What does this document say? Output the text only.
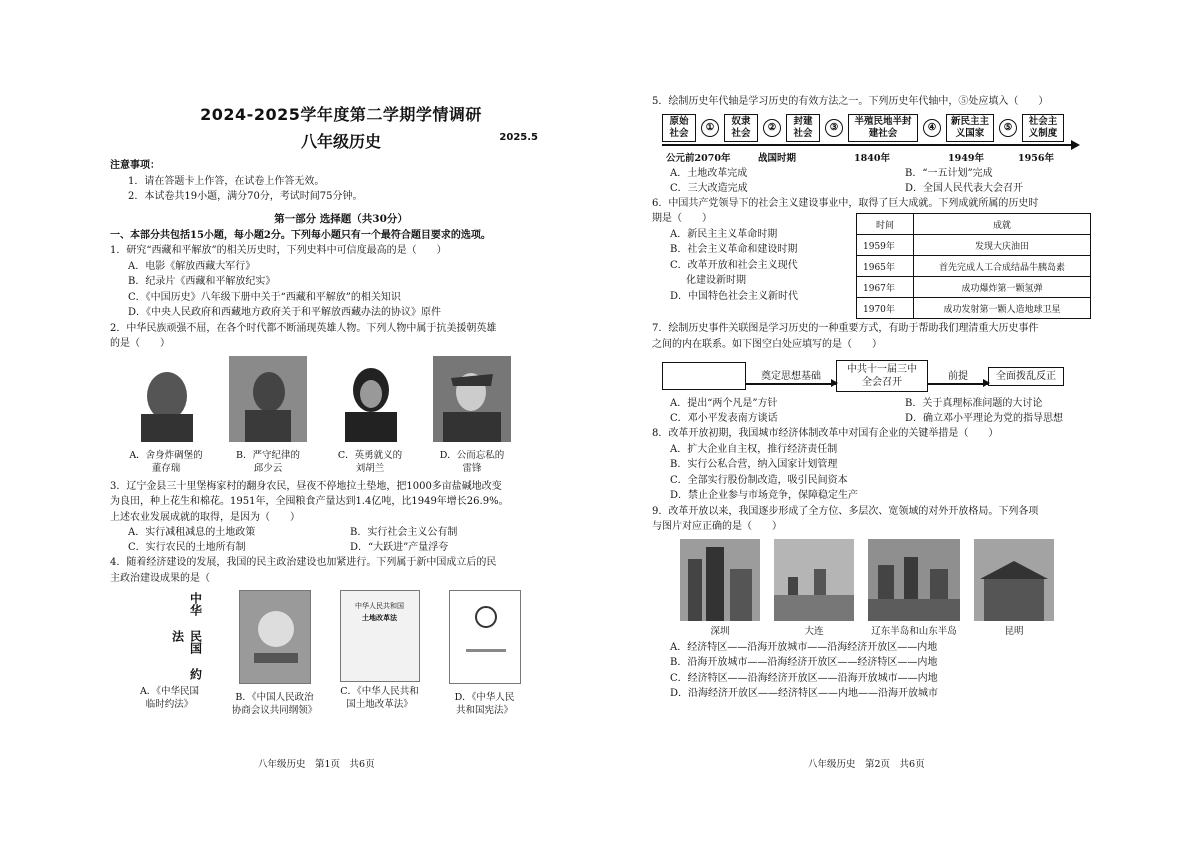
2024-2025学年度第二学期学情调研
八年级历史	2025.5

注意事项：

1．请在答题卡上作答，在试卷上作答无效。

2．本试卷共19小题，满分70分，考试时间75分钟。

第一部分 选择题（共30分）

一、本部分共包括15小题，每小题2分。下列每小题只有一个最符合题目要求的选项。

1．研究“西藏和平解放”的相关历史时，下列史料中可信度最高的是（　　）

A．电影《解放西藏大军行》

B．纪录片《西藏和平解放纪实》

C．《中国历史》八年级下册中关于“西藏和平解放”的相关知识

D．《中央人民政府和西藏地方政府关于和平解放西藏办法的协议》原件

2．中华民族顽强不屈，在各个时代都不断涌现英雄人物。下列人物中属于抗美援朝英雄

的是（　　）

A．舍身炸碉堡的
董存瑞
B．严守纪律的
邱少云
C．英勇就义的
刘胡兰
D．公而忘私的
雷锋

3．辽宁金县三十里堡梅家村的翻身农民，昼夜不停地拉土垫地，把1000多亩盐碱地改变

为良田，种上花生和棉花。1951年，全囤粮食产量达到1.4亿吨，比1949年增长26.9%。

上述农业发展成就的取得，是因为（　　）

A．实行减租减息的土地政策	B．实行社会主义公有制
C．实行农民的土地所有制	D．“大跃进”产量浮夸

4．随着经济建设的发展，我国的民主政治建设也加紧进行。下列属于新中国成立后的民

主政治建设成果的是（

中华 民国 約法
A．《中华民国
临时约法》
B．《中国人民政治
协商会议共同纲领》
中华人民共和国
土地改革法
C．《中华人民共和
国土地改革法》
D．《中华人民
共和国宪法》
八年级历史　第1页　共6页

5．绘制历史年代轴是学习历史的有效方法之一。下列历史年代轴中，⑤处应填入（　　）

原始社会	①
奴隶社会	②
封建社会	③
半殖民地半封建社会	④
新民主主义国家	⑤
社会主义制度
公元前2070年	战国时期	1840年	1949年	1956年
A．土地改革完成	B．“一五计划”完成
C．三大改造完成	D．全国人民代表大会召开

6．中国共产党领导下的社会主义建设事业中，取得了巨大成就。下列成就所属的历史时

期是（　　）

A．新民主主义革命时期

B．社会主义革命和建设时期

C．改革开放和社会主义现代

化建设新时期

D．中国特色社会主义新时代

时间	成就
1959年	发现大庆油田
1965年	首先完成人工合成结晶牛胰岛素
1967年	成功爆炸第一颗氢弹
1970年	成功发射第一颗人造地球卫星

7．绘制历史事件关联图是学习历史的一种重要方式，有助于帮助我们理清重大历史事件

之间的内在联系。如下图空白处应填写的是（　　）

奠定思想基础
中共十一届三中全会召开
前提	全面拨乱反正
A．提出“两个凡是”方针	B．关于真理标准问题的大讨论
C．邓小平发表南方谈话	D．确立邓小平理论为党的指导思想

8．改革开放初期，我国城市经济体制改革中对国有企业的关键举措是（　　）

A．扩大企业自主权，推行经济责任制

B．实行公私合营，纳入国家计划管理

C．全部实行股份制改造，吸引民间资本

D．禁止企业参与市场竞争，保障稳定生产

9．改革开放以来，我国逐步形成了全方位、多层次、宽领域的对外开放格局。下列各项

与图片对应正确的是（　　）

深圳	大连	辽东半岛和山东半岛	昆明

A．经济特区——沿海开放城市——沿海经济开放区——内地

B．沿海开放城市——沿海经济开放区——经济特区——内地

C．经济特区——沿海经济开放区——沿海开放城市——内地

D．沿海经济开放区——经济特区——内地——沿海开放城市

八年级历史　第2页　共6页
